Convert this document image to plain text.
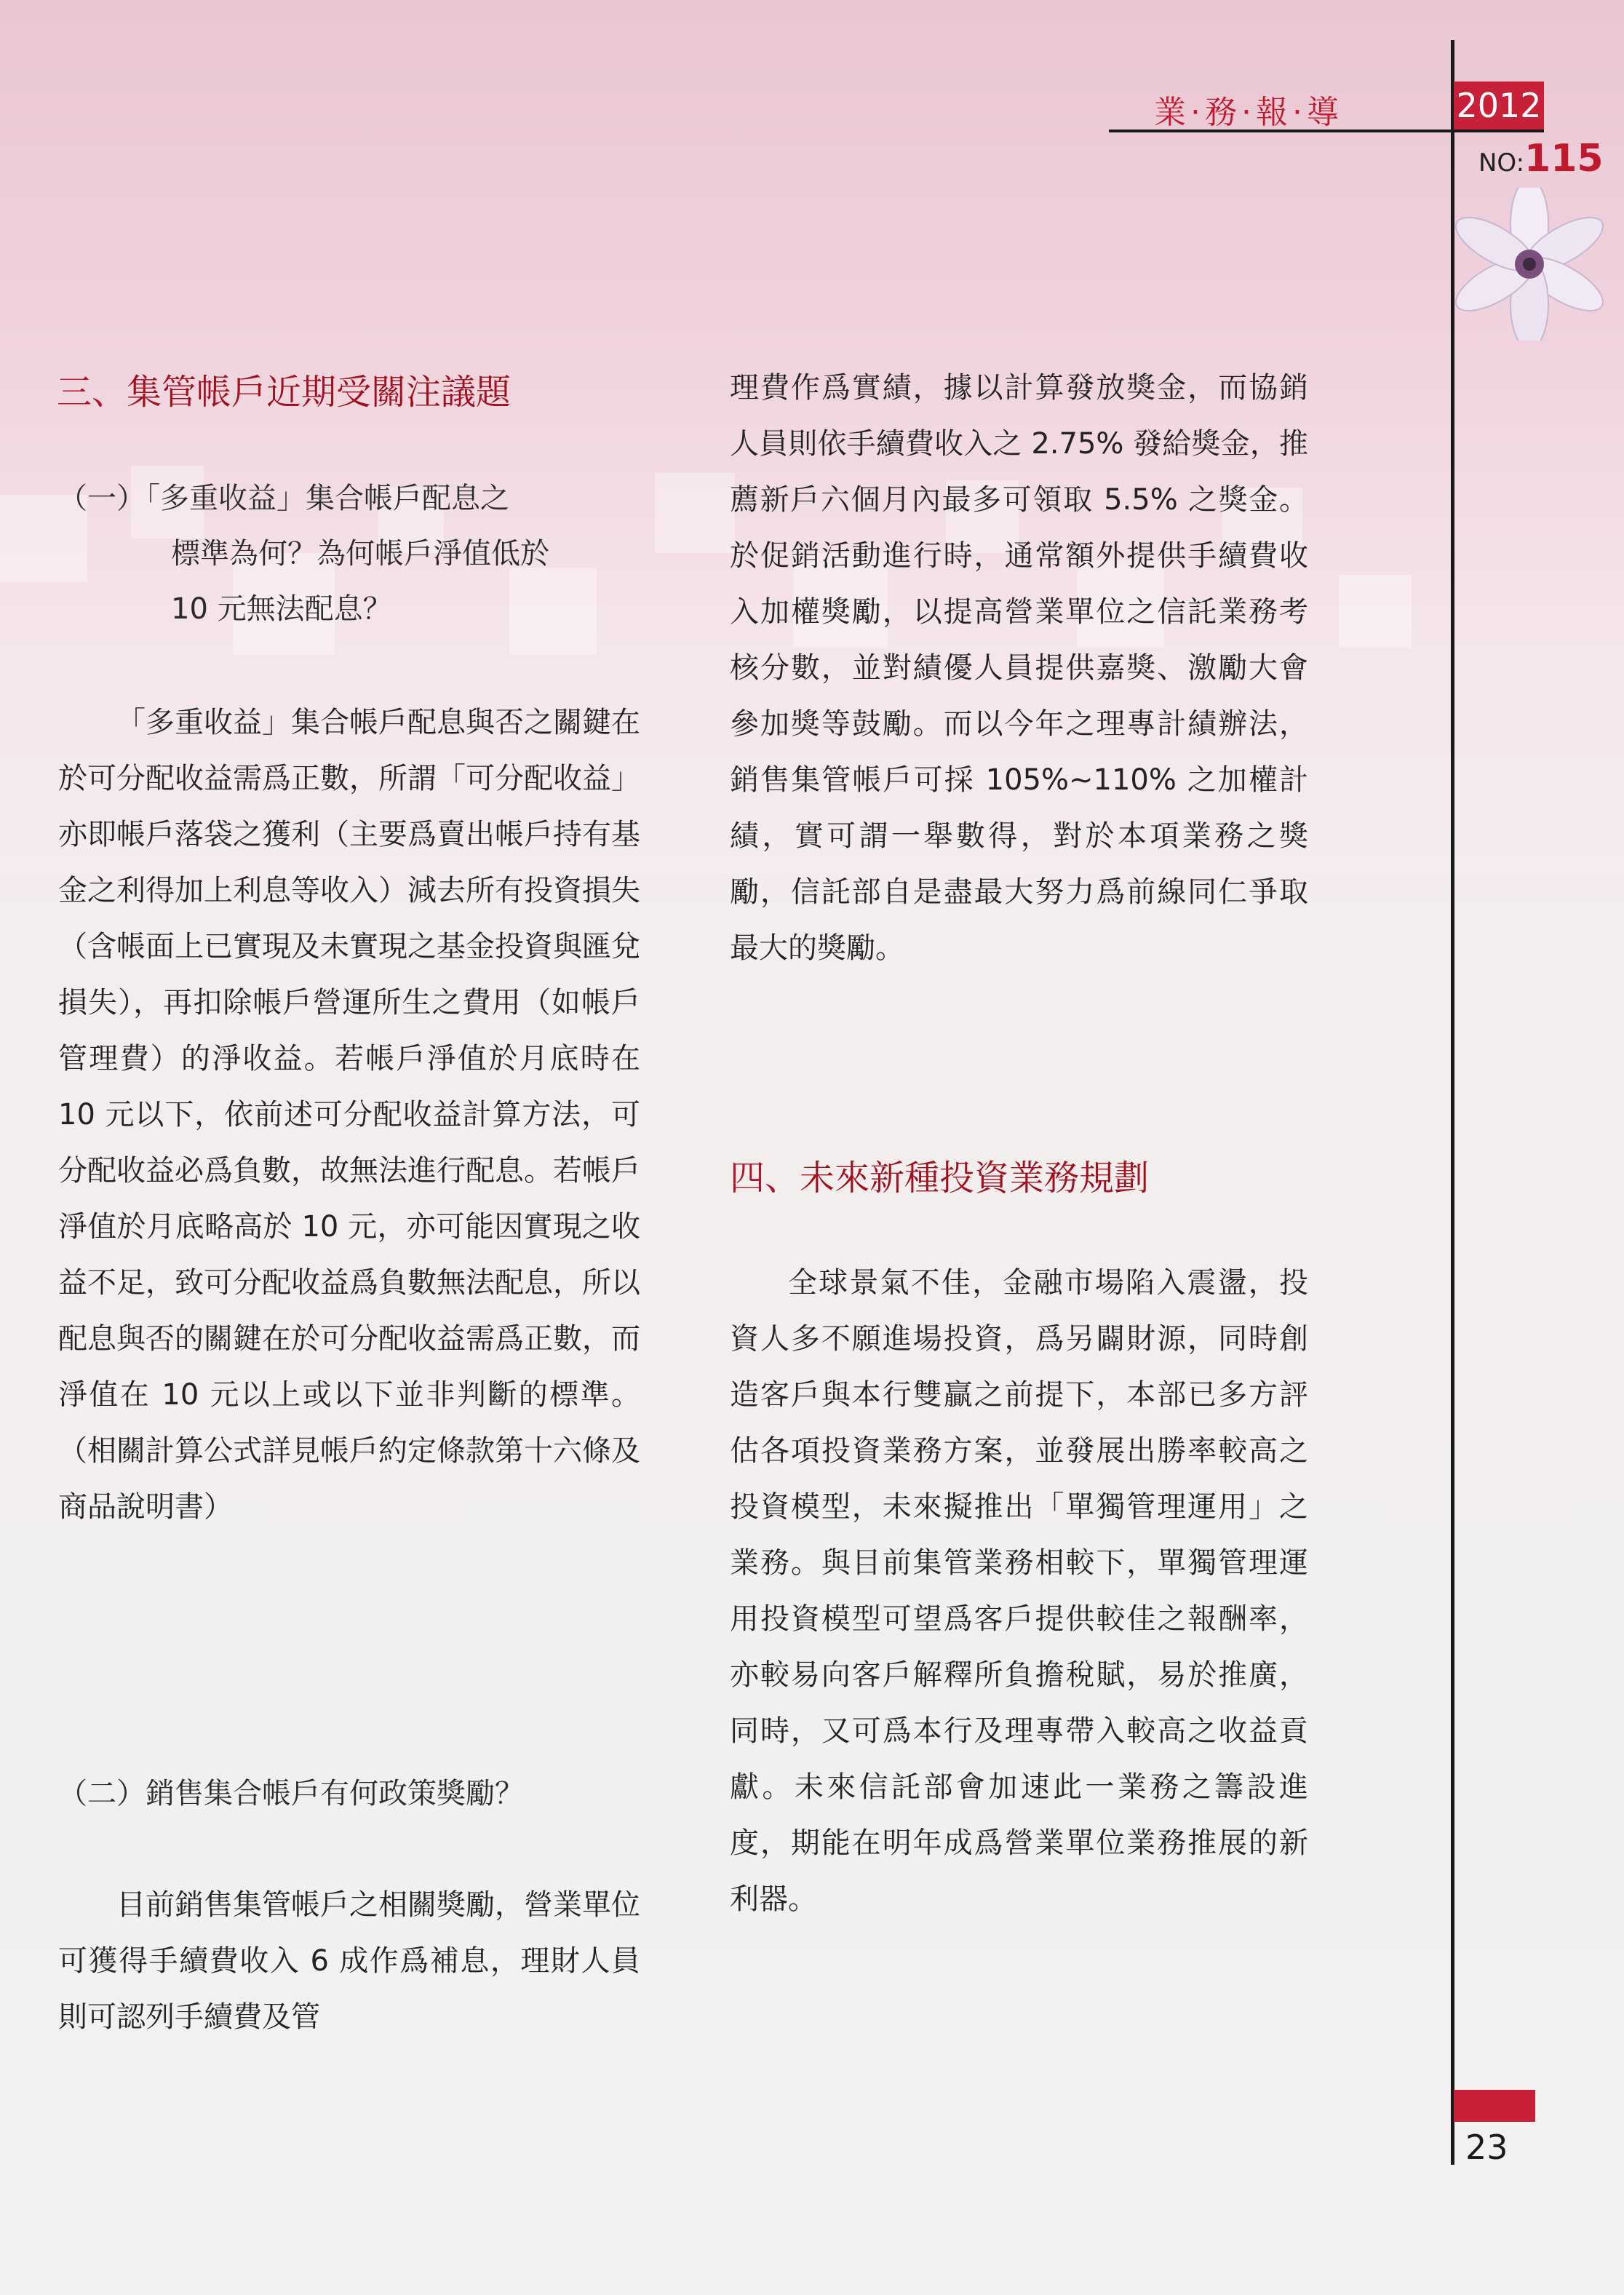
業·務·報·導	2012
NO:115
三、集管帳戶近期受關注議題
（一）「多重收益」集合帳戶配息之
標準為何？為何帳戶淨值低於
10 元無法配息？

「多重收益」集合帳戶配息與否之關鍵在於可分配收益需爲正數，所謂「可分配收益」亦即帳戶落袋之獲利（主要爲賣出帳戶持有基金之利得加上利息等收入）減去所有投資損失（含帳面上已實現及未實現之基金投資與匯兌損失），再扣除帳戶營運所生之費用（如帳戶管理費）的淨收益。若帳戶淨值於月底時在 10 元以下，依前述可分配收益計算方法，可分配收益必爲負數，故無法進行配息。若帳戶淨值於月底略高於 10 元，亦可能因實現之收益不足，致可分配收益爲負數無法配息，所以配息與否的關鍵在於可分配收益需爲正數，而淨值在 10 元以上或以下並非判斷的標準。（相關計算公式詳見帳戶約定條款第十六條及商品說明書）

（二）銷售集合帳戶有何政策獎勵？

目前銷售集管帳戶之相關獎勵，營業單位可獲得手續費收入 6 成作爲補息，理財人員則可認列手續費及管

理費作爲實績，據以計算發放獎金，而協銷人員則依手續費收入之 2.75% 發給獎金，推薦新戶六個月內最多可領取 5.5% 之獎金。於促銷活動進行時，通常額外提供手續費收入加權獎勵，以提高營業單位之信託業務考核分數，並對績優人員提供嘉獎、激勵大會參加獎等鼓勵。而以今年之理專計績辦法，銷售集管帳戶可採 105%~110% 之加權計績，實可謂一舉數得，對於本項業務之獎勵，信託部自是盡最大努力爲前線同仁爭取最大的獎勵。

四、未來新種投資業務規劃

全球景氣不佳，金融市場陷入震盪，投資人多不願進場投資，爲另闢財源，同時創造客戶與本行雙贏之前提下，本部已多方評估各項投資業務方案，並發展出勝率較高之投資模型，未來擬推出「單獨管理運用」之業務。與目前集管業務相較下，單獨管理運用投資模型可望爲客戶提供較佳之報酬率，亦較易向客戶解釋所負擔稅賦，易於推廣，同時，又可爲本行及理專帶入較高之收益貢獻。未來信託部會加速此一業務之籌設進度，期能在明年成爲營業單位業務推展的新利器。

23
